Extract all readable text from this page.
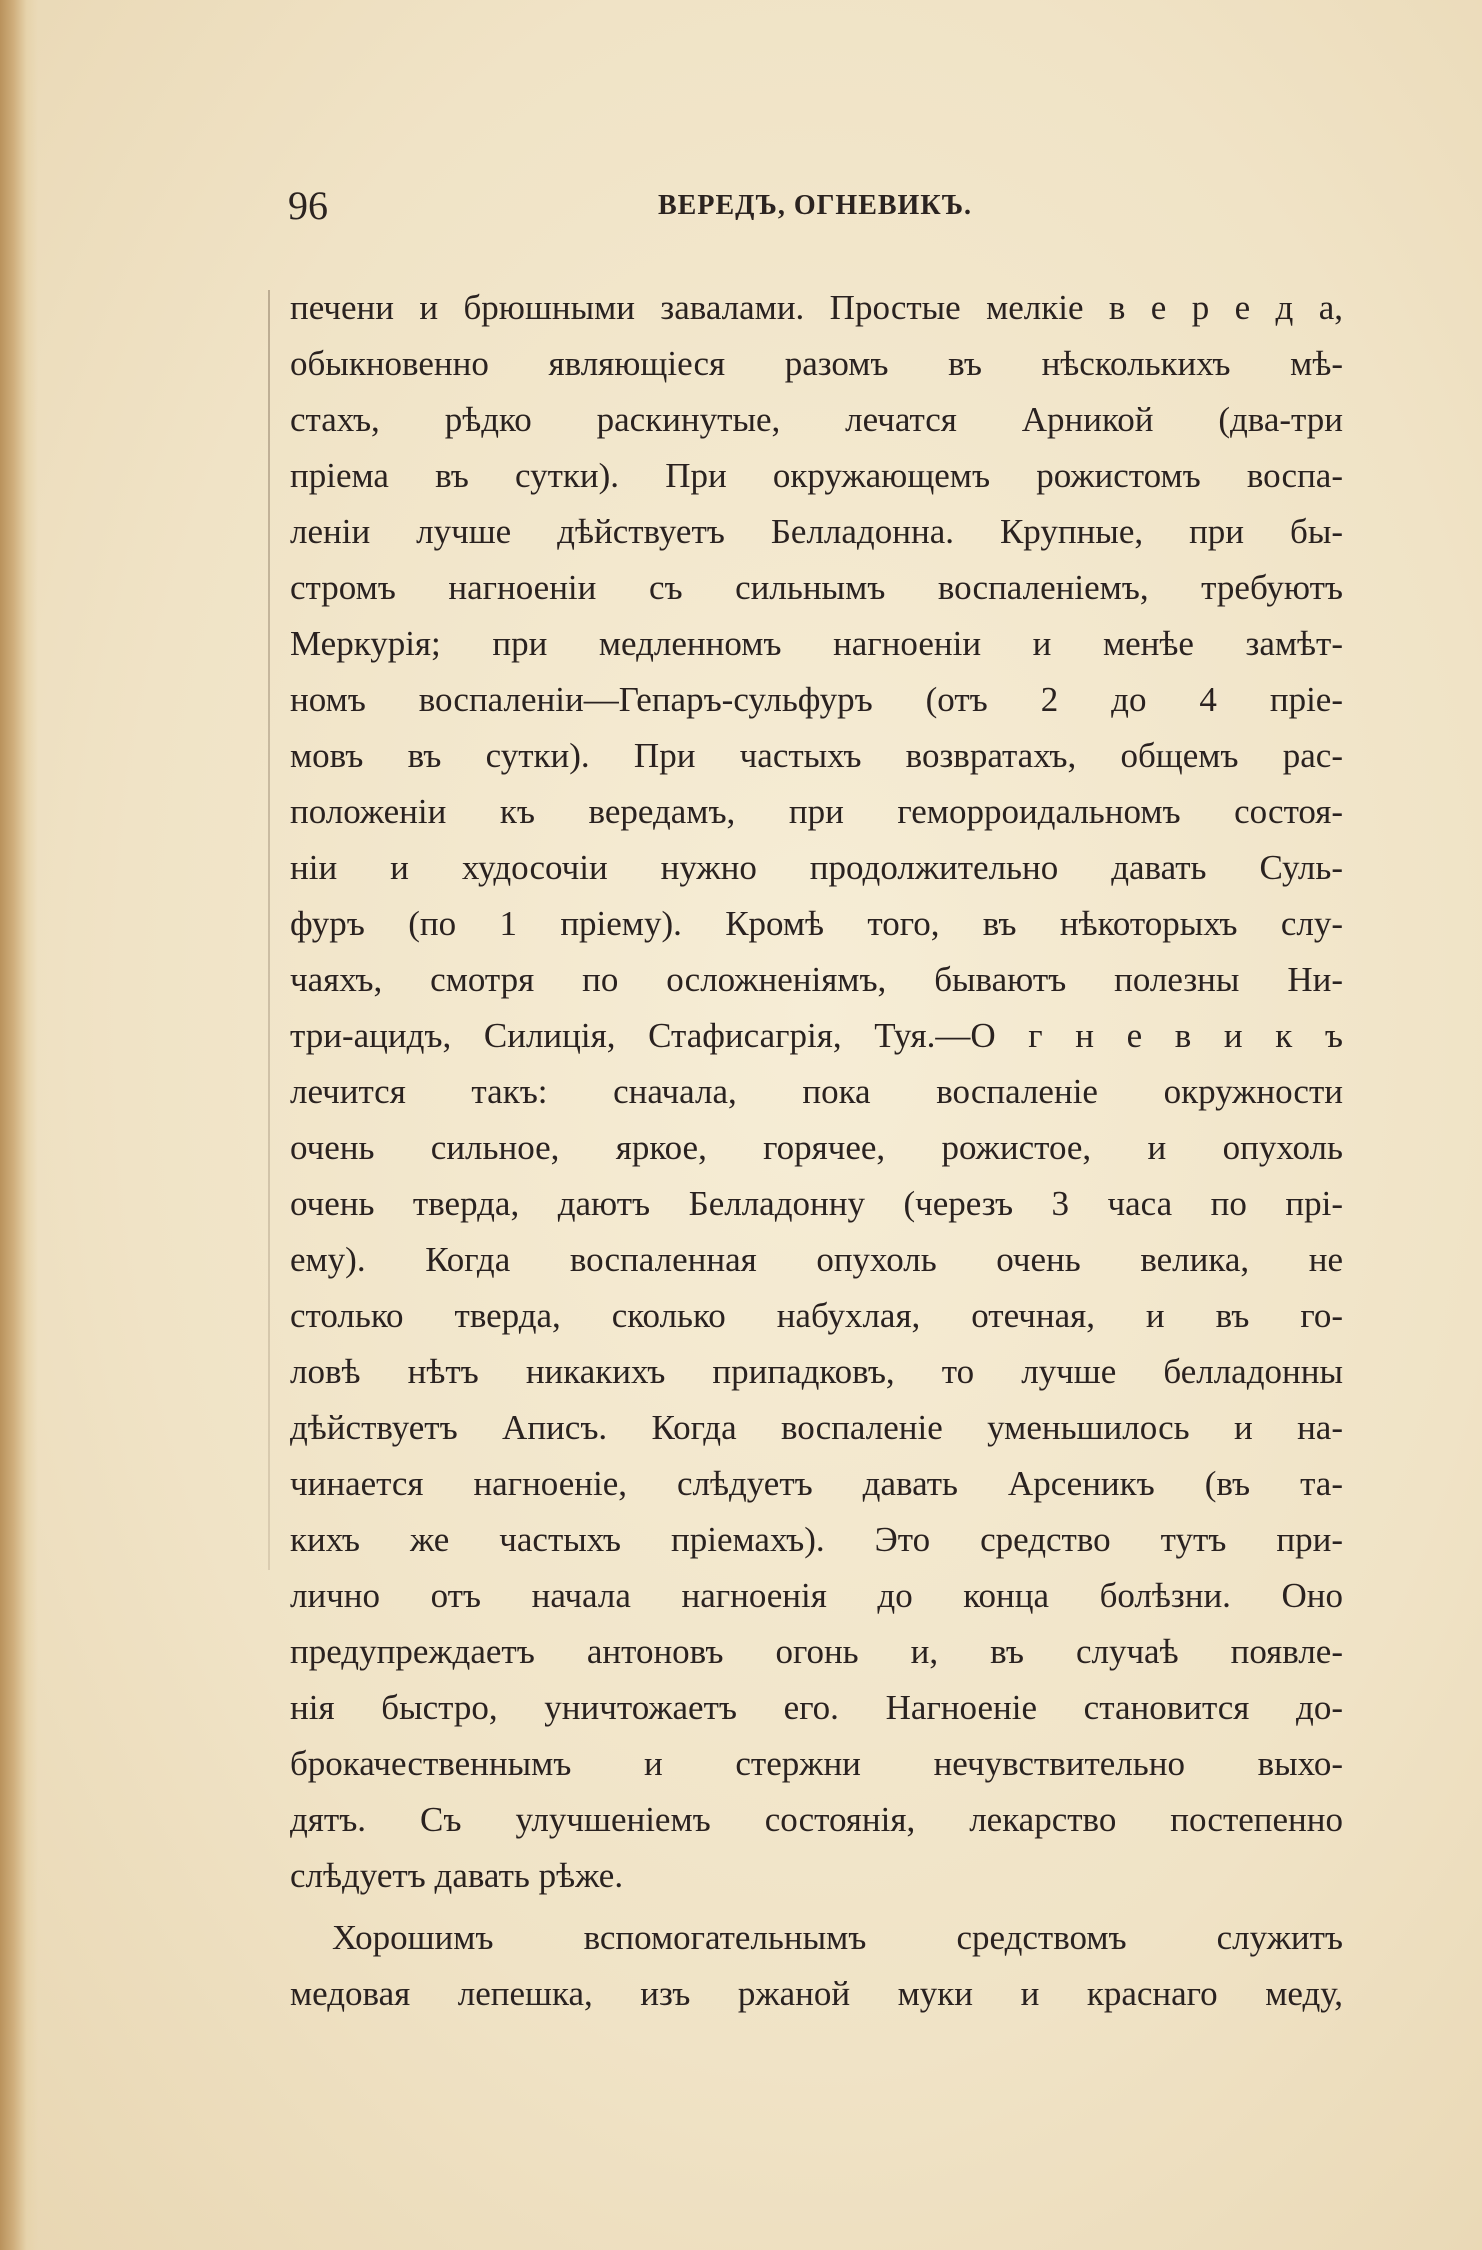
96	ВЕРЕДЪ, ОГНЕВИКЪ.
печени и брюшными завалами. Простые мелкіе в е р е д а,
обыкновенно являющіеся разомъ въ нѣсколькихъ мѣ-
стахъ, рѣдко раскинутые, лечатся Арникой (два-три
пріема въ сутки). При окружающемъ рожистомъ воспа-
леніи лучше дѣйствуетъ Белладонна. Крупные, при бы-
стромъ нагноеніи съ сильнымъ воспаленіемъ, требуютъ
Меркурія; при медленномъ нагноеніи и менѣе замѣт-
номъ воспаленіи—Гепаръ-сульфуръ (отъ 2 до 4 пріе-
мовъ въ сутки). При частыхъ возвратахъ, общемъ рас-
положеніи къ вередамъ, при геморроидальномъ состоя-
ніи и худосочіи нужно продолжительно давать Суль-
фуръ (по 1 пріему). Кромѣ того, въ нѣкоторыхъ слу-
чаяхъ, смотря по осложненіямъ, бываютъ полезны Ни-
три-ацидъ, Силиція, Стафисагрія, Туя.—О г н е в и к ъ
лечится такъ: сначала, пока воспаленіе окружности
очень сильное, яркое, горячее, рожистое, и опухоль
очень тверда, даютъ Белладонну (черезъ 3 часа по прі-
ему). Когда воспаленная опухоль очень велика, не
столько тверда, сколько набухлая, отечная, и въ го-
ловѣ нѣтъ никакихъ припадковъ, то лучше белладонны
дѣйствуетъ Аписъ. Когда воспаленіе уменьшилось и на-
чинается нагноеніе, слѣдуетъ давать Арсеникъ (въ та-
кихъ же частыхъ пріемахъ). Это средство тутъ при-
лично отъ начала нагноенія до конца болѣзни. Оно
предупреждаетъ антоновъ огонь и, въ случаѣ появле-
нія быстро, уничтожаетъ его. Нагноеніе становится до-
брокачественнымъ и стержни нечувствительно выхо-
дятъ. Съ улучшеніемъ состоянія, лекарство постепенно
слѣдуетъ давать рѣже.
Хорошимъ вспомогательнымъ средствомъ служитъ
медовая лепешка, изъ ржаной муки и краснаго меду,
